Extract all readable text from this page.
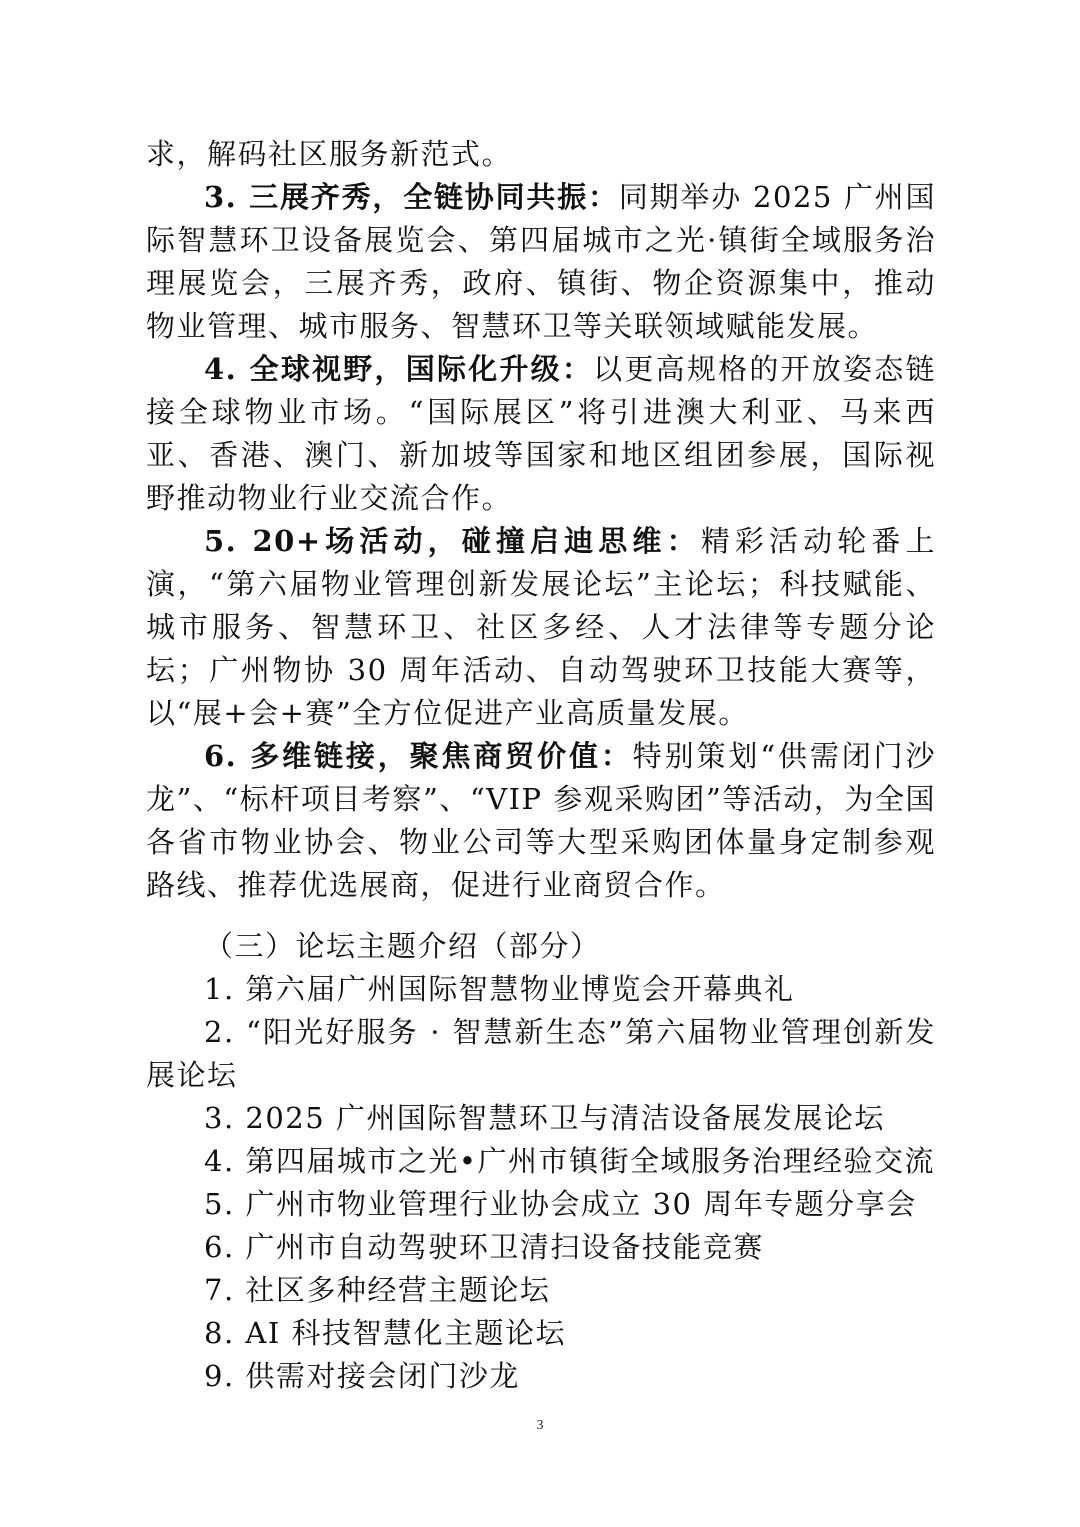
求，解码社区服务新范式。

3. 三展齐秀，全链协同共振：同期举办 2025 广州国际智慧环卫设备展览会、第四届城市之光·镇街全域服务治理展览会，三展齐秀，政府、镇街、物企资源集中，推动物业管理、城市服务、智慧环卫等关联领域赋能发展。

4. 全球视野，国际化升级：以更高规格的开放姿态链接全球物业市场。“国际展区”将引进澳大利亚、马来西亚、香港、澳门、新加坡等国家和地区组团参展，国际视野推动物业行业交流合作。

5. 20+场活动，碰撞启迪思维：精彩活动轮番上演，“第六届物业管理创新发展论坛”主论坛；科技赋能、城市服务、智慧环卫、社区多经、人才法律等专题分论坛；广州物协 30 周年活动、自动驾驶环卫技能大赛等，以“展+会+赛”全方位促进产业高质量发展。

6. 多维链接，聚焦商贸价值：特别策划“供需闭门沙龙”、“标杆项目考察”、“VIP 参观采购团”等活动，为全国各省市物业协会、物业公司等大型采购团体量身定制参观路线、推荐优选展商，促进行业商贸合作。

（三）论坛主题介绍（部分）

1. 第六届广州国际智慧物业博览会开幕典礼

2. “阳光好服务 · 智慧新生态”第六届物业管理创新发展论坛

3. 2025 广州国际智慧环卫与清洁设备展发展论坛

4. 第四届城市之光•广州市镇街全域服务治理经验交流

5. 广州市物业管理行业协会成立 30 周年专题分享会

6. 广州市自动驾驶环卫清扫设备技能竞赛

7. 社区多种经营主题论坛

8. AI 科技智慧化主题论坛

9. 供需对接会闭门沙龙

3
